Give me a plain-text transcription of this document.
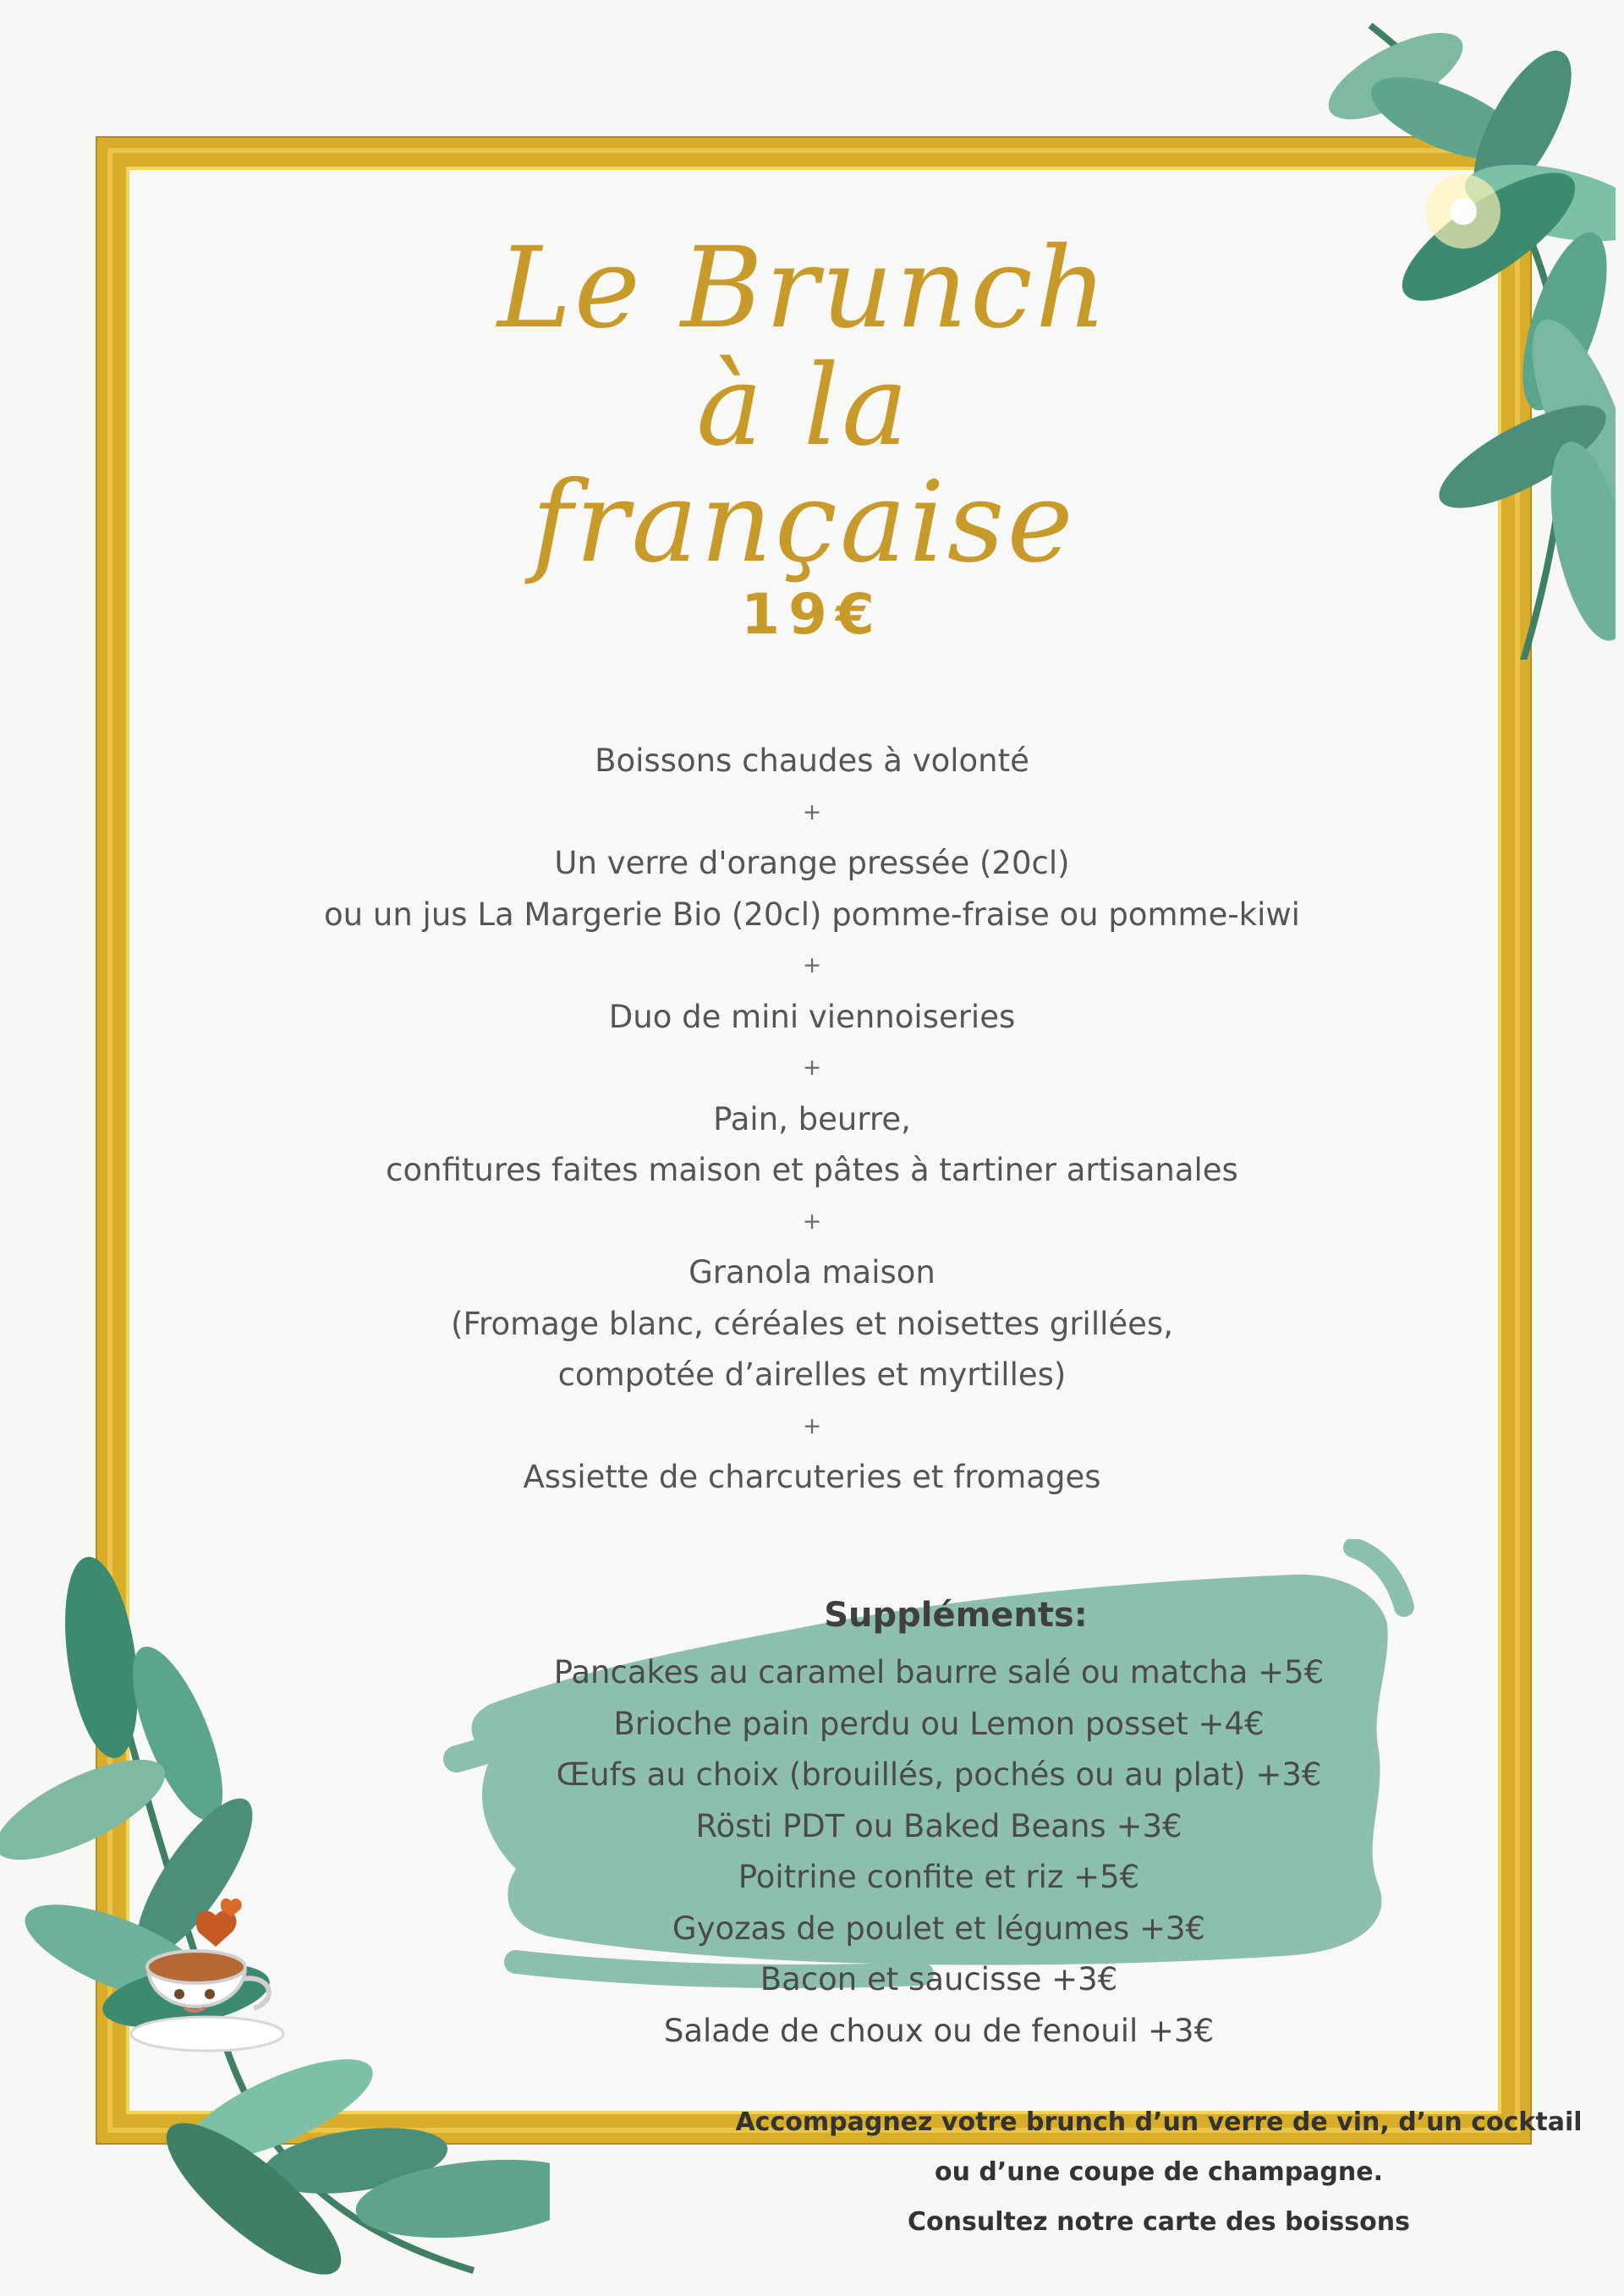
Le Brunch
à la française
19€
Boissons chaudes à volonté
+
Un verre d'orange pressée (20cl)
ou un jus La Margerie Bio (20cl) pomme-fraise ou pomme-kiwi
+
Duo de mini viennoiseries
+
Pain, beurre,
confitures faites maison et pâtes à tartiner artisanales
+
Granola maison
(Fromage blanc, céréales et noisettes grillées,
compotée d’airelles et myrtilles)
+
Assiette de charcuteries et fromages
Suppléments:
Pancakes au caramel baurre salé ou matcha +5€
Brioche pain perdu ou Lemon posset +4€
Œufs au choix (brouillés, pochés ou au plat) +3€
Rösti PDT ou Baked Beans +3€
Poitrine confite et riz +5€
Gyozas de poulet et légumes +3€
Bacon et saucisse +3€
Salade de choux ou de fenouil +3€
Accompagnez votre brunch d’un verre de vin, d’un cocktail
ou d’une coupe de champagne.
Consultez notre carte des boissons
